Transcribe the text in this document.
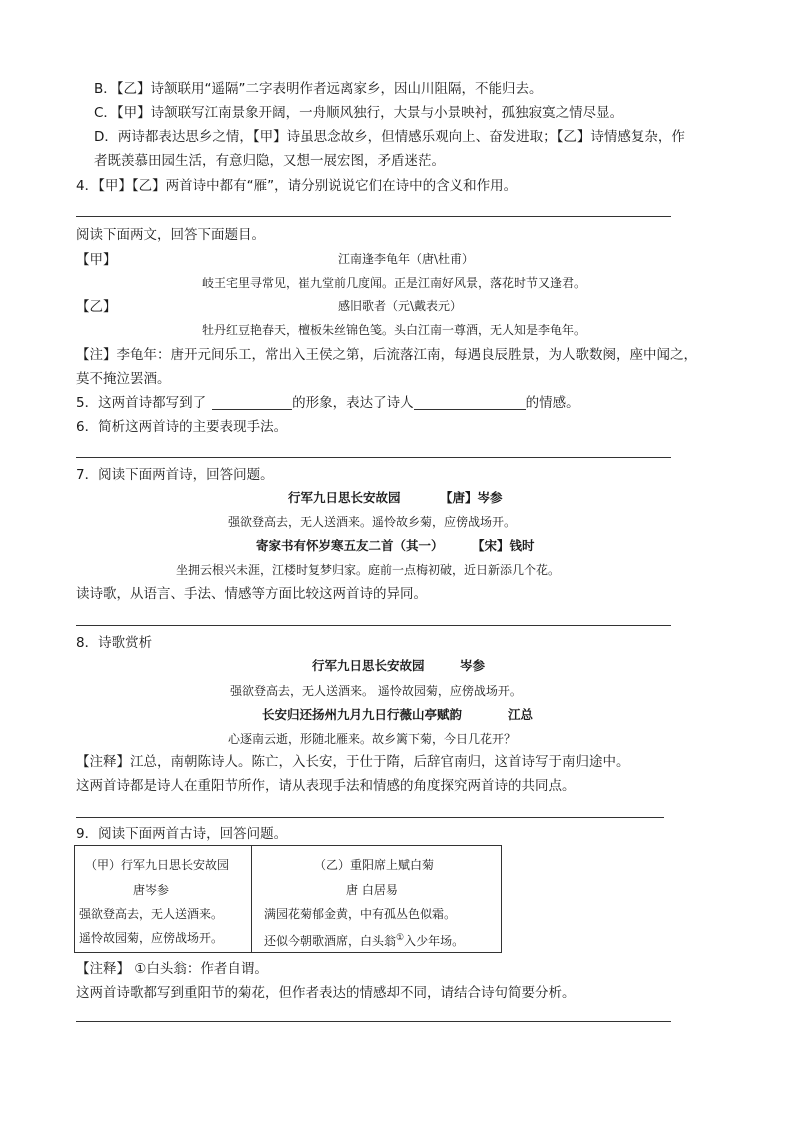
B．【乙】诗颔联用“遥隔”二字表明作者远离家乡，因山川阻隔，不能归去。
C．【甲】诗颔联写江南景象开阔，一舟顺风独行，大景与小景映衬，孤独寂寞之情尽显。
D．两诗都表达思乡之情，【甲】诗虽思念故乡，但情感乐观向上、奋发进取；【乙】诗情感复杂，作
者既羡慕田园生活，有意归隐，又想一展宏图，矛盾迷茫。
4．【甲】【乙】两首诗中都有“雁”，请分别说说它们在诗中的含义和作用。
阅读下面两文，回答下面题目。
【甲】	江南逢李龟年（唐\杜甫）
岐王宅里寻常见，崔九堂前几度闻。正是江南好风景，落花时节又逢君。
【乙】	感旧歌者（元\戴表元）
牡丹红豆艳春天，檀板朱丝锦色笺。头白江南一尊酒，无人知是李龟年。
【注】李龟年：唐开元间乐工，常出入王侯之第，后流落江南，每遇良辰胜景，为人歌数阕，座中闻之，
莫不掩泣罢酒。
5．这两首诗都写到了	的形象，表达了诗人	的情感。
6．简析这两首诗的主要表现手法。
7．阅读下面两首诗，回答问题。
行军九日思长安故园	【唐】岑参
强欲登高去，无人送酒来。遥怜故乡菊，应傍战场开。
寄家书有怀岁寒五友二首（其一） 【宋】钱时
坐拥云根兴未涯，江楼时复梦归家。庭前一点梅初破，近日新添几个花。
读诗歌，从语言、手法、情感等方面比较这两首诗的异同。
8．诗歌赏析
行军九日思长安故园	岑参
强欲登高去，无人送酒来。 遥怜故园菊，应傍战场开。
长安归还扬州九月九日行薇山亭赋韵	江总
心逐南云逝，形随北雁来。故乡篱下菊，今日几花开？
【注释】江总，南朝陈诗人。陈亡，入长安，于仕于隋，后辞官南归，这首诗写于南归途中。
这两首诗都是诗人在重阳节所作，请从表现手法和情感的角度探究两首诗的共同点。
9．阅读下面两首古诗，回答问题。
（甲）行军九日思长安故园
唐岑参
强欲登高去，无人送酒来。
遥怜故园菊，应傍战场开。

（乙）重阳席上赋白菊
唐 白居易
满园花菊郁金黄，中有孤丛色似霜。
还似今朝歌酒席，白头翁①入少年场。
【注释】 ①白头翁：作者自谓。
这两首诗歌都写到重阳节的菊花，但作者表达的情感却不同，请结合诗句简要分析。
